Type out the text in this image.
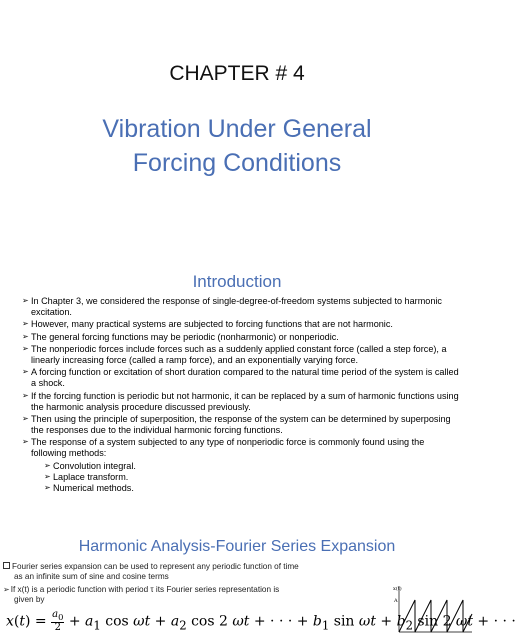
CHAPTER # 4
Vibration Under General
Forcing Conditions
Introduction
➢ In Chapter 3, we considered the response of single-degree-of-freedom systems subjected to harmonic excitation.
➢ However, many practical systems are subjected to forcing functions that are not harmonic.
➢ The general forcing functions may be periodic (nonharmonic) or nonperiodic.
➢ The nonperiodic forces include forces such as a suddenly applied constant force (called a step force), a linearly increasing force (called a ramp force), and an exponentially varying force.
➢ A forcing function or excitation of short duration compared to the natural time period of the system is called a shock.
➢ If the forcing function is periodic but not harmonic, it can be replaced by a sum of harmonic functions using the harmonic analysis procedure discussed previously.
➢ Then using the principle of superposition, the response of the system can be determined by superposing the responses due to the individual harmonic forcing functions.
➢ The response of a system subjected to any type of nonperiodic force is commonly found using the following methods:
➢ Convolution integral.
➢ Laplace transform.
➢ Numerical methods.
Harmonic Analysis-Fourier Series Expansion
Fourier series expansion can be used to represent any periodic function of time
as an infinite sum of sine and cosine terms
➢If x(t) is a periodic function with period τ its Fourier series representation is
given by
$x(t) = \frac{a_0}{2} + a_1$ $\cos \omega t + a_2$ cos 2 ωt + · · · + $b_1$ $\sin \omega t + b_2$ sin 2 ωt + · · ·
x(t)
A
